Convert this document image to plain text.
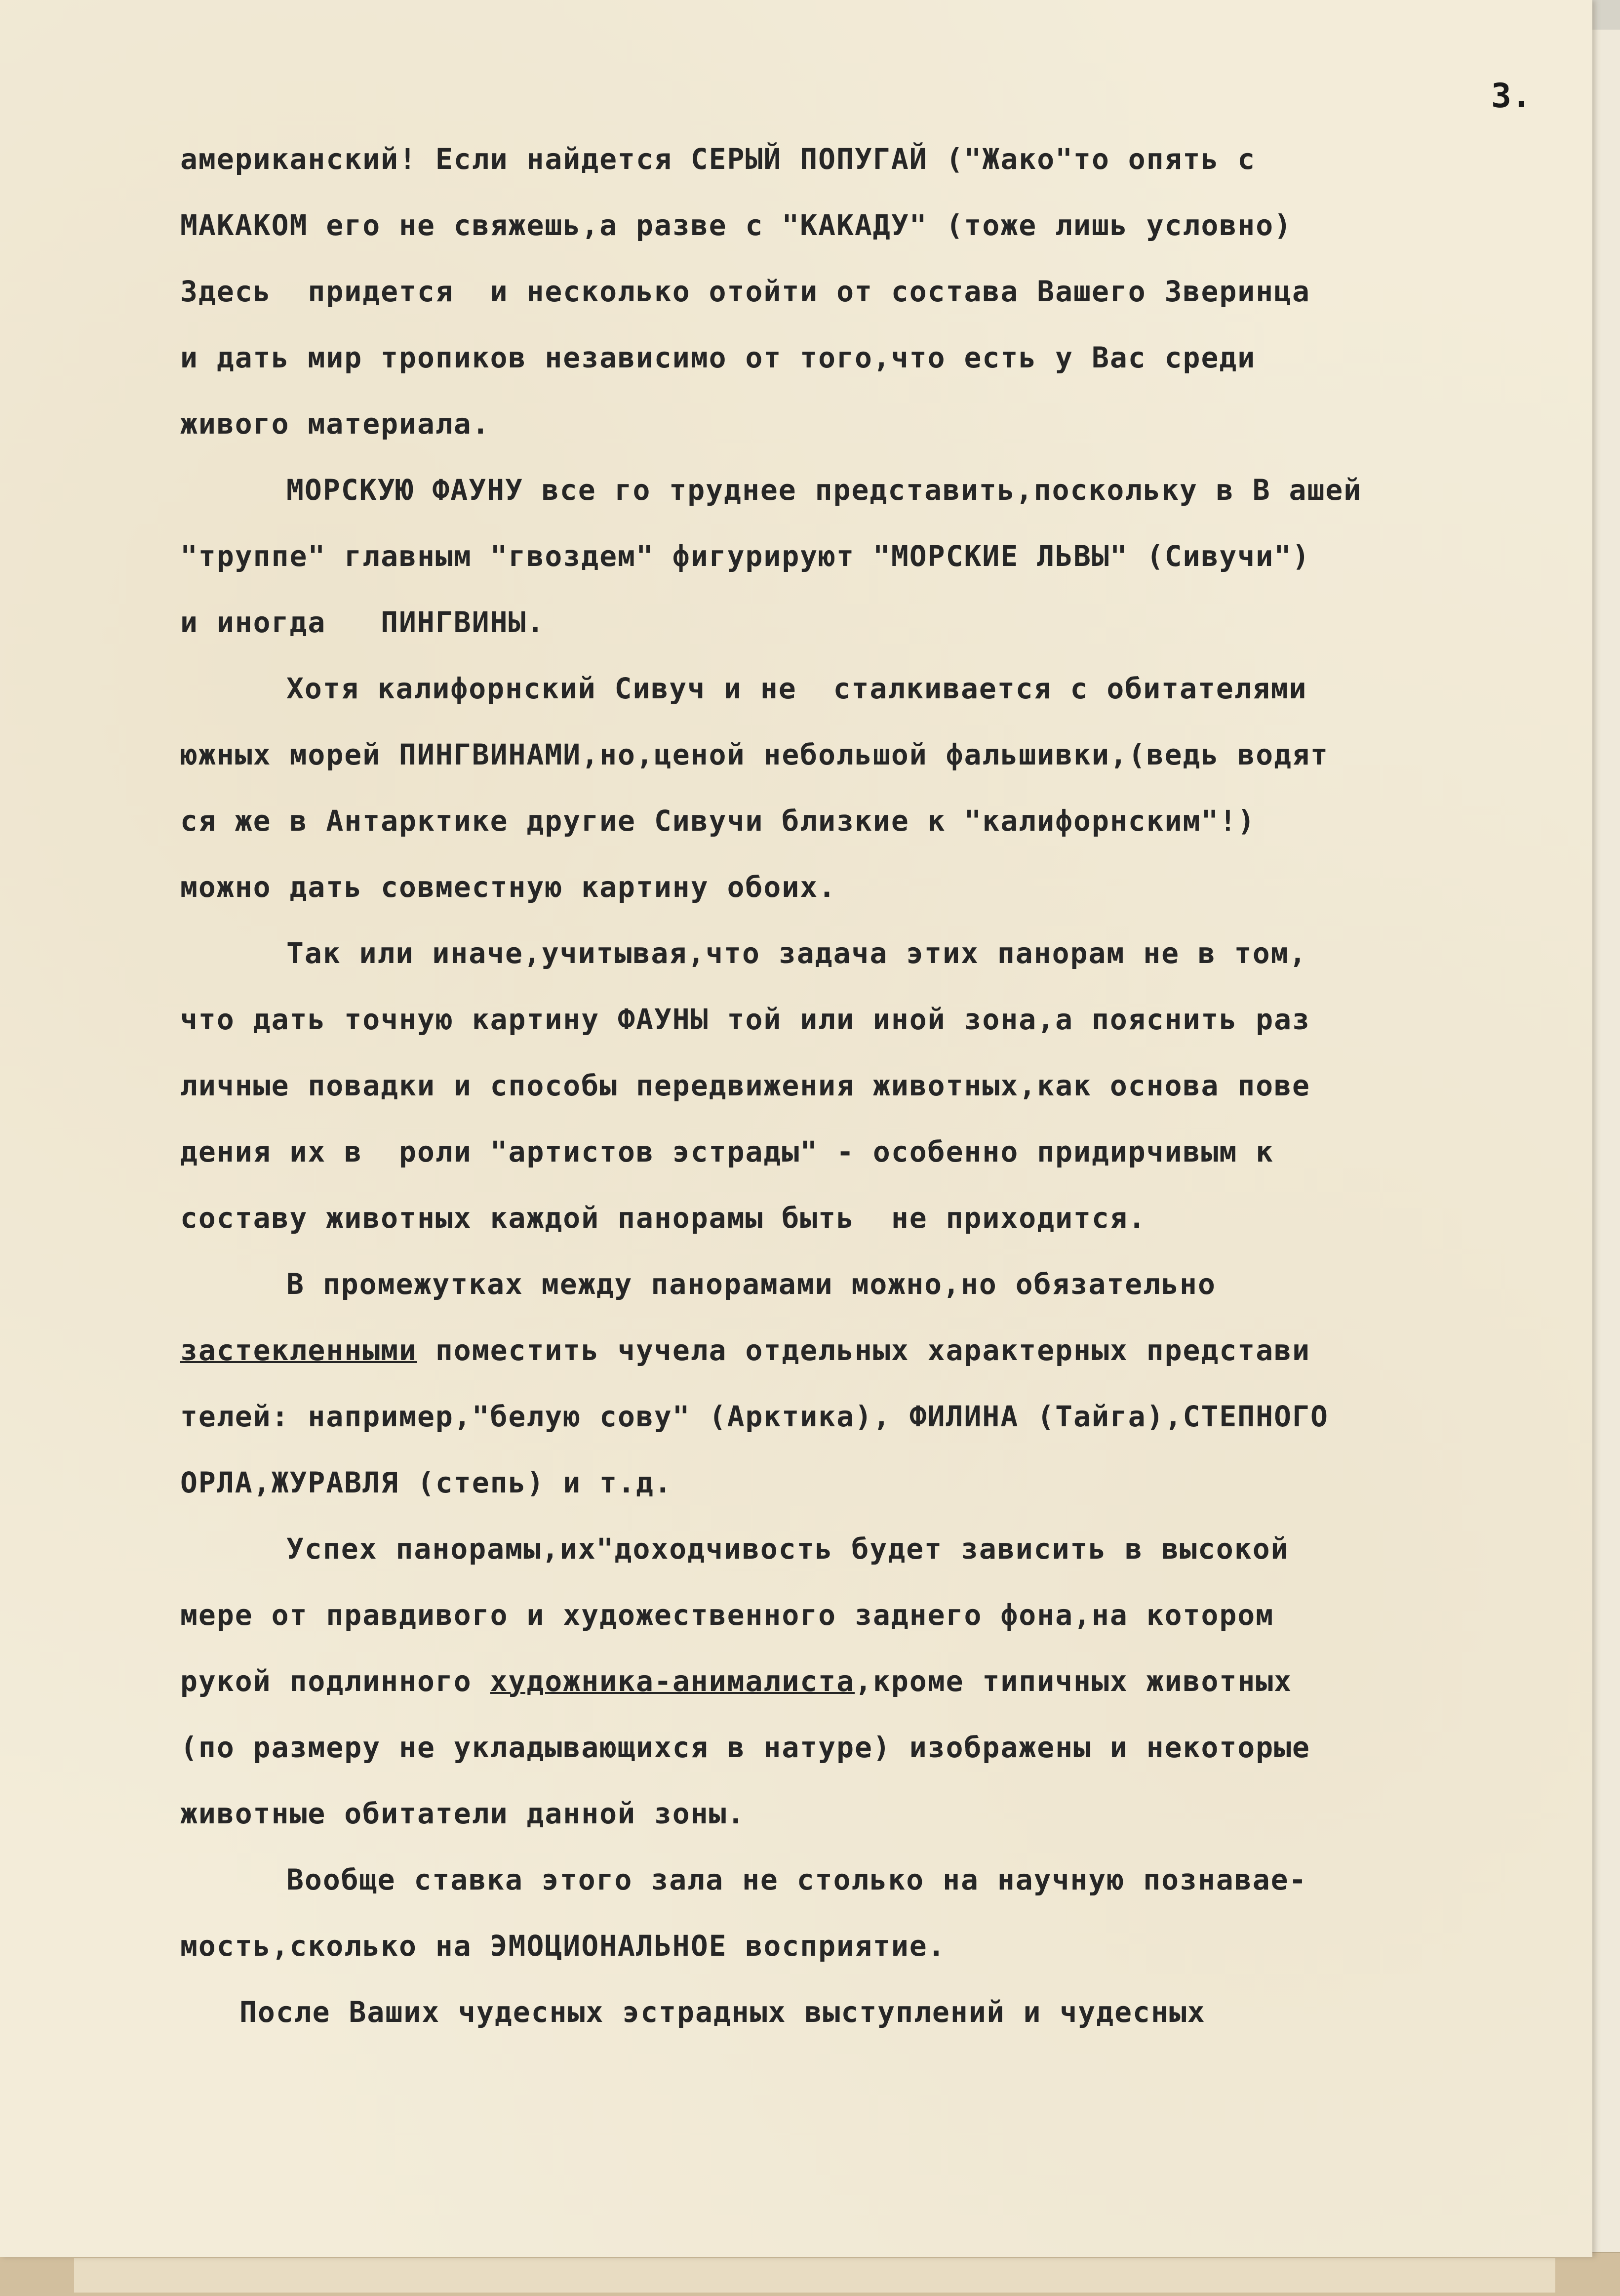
3.
американский! Если найдется СЕРЫЙ ПОПУГАЙ ("Жако"то опять с
МАКАКОМ его не свяжешь,а разве с "КАКАДУ" (тоже лишь условно)
Здесь  придется  и несколько отойти от состава Вашего Зверинца
и дать мир тропиков независимо от того,что есть у Вас среди
живого материала.
МОРСКУЮ ФАУНУ все го труднее представить,поскольку в В ашей
"труппе" главным "гвоздем" фигурируют "МОРСКИЕ ЛЬВЫ" (Сивучи")
и иногда   ПИНГВИНЫ.
Хотя калифорнский Сивуч и не  сталкивается с обитателями
южных морей ПИНГВИНАМИ,но,ценой небольшой фальшивки,(ведь водят
ся же в Антарктике другие Сивучи близкие к "калифорнским"!)
можно дать совместную картину обоих.
Так или иначе,учитывая,что задача этих панорам не в том,
что дать точную картину ФАУНЫ той или иной зона,а пояснить раз
личные повадки и способы передвижения животных,как основа пове
дения их в  роли "артистов эстрады" - особенно придирчивым к
составу животных каждой панорамы быть  не приходится.
В промежутках между панорамами можно,но обязательно
застекленными поместить чучела отдельных характерных представи
телей: например,"белую сову" (Арктика), ФИЛИНА (Тайга),СТЕПНОГО
ОРЛА,ЖУРАВЛЯ (степь) и т.д.
Успех панорамы,их"доходчивость будет зависить в высокой
мере от правдивого и художественного заднего фона,на котором
рукой подлинного художника-анималиста,кроме типичных животных
(по размеру не укладывающихся в натуре) изображены и некоторые
животные обитатели данной зоны.
Вообще ставка этого зала не столько на научную познавае-
мость,сколько на ЭМОЦИОНАЛЬНОЕ восприятие.
После Ваших чудесных эстрадных выступлений и чудесных
